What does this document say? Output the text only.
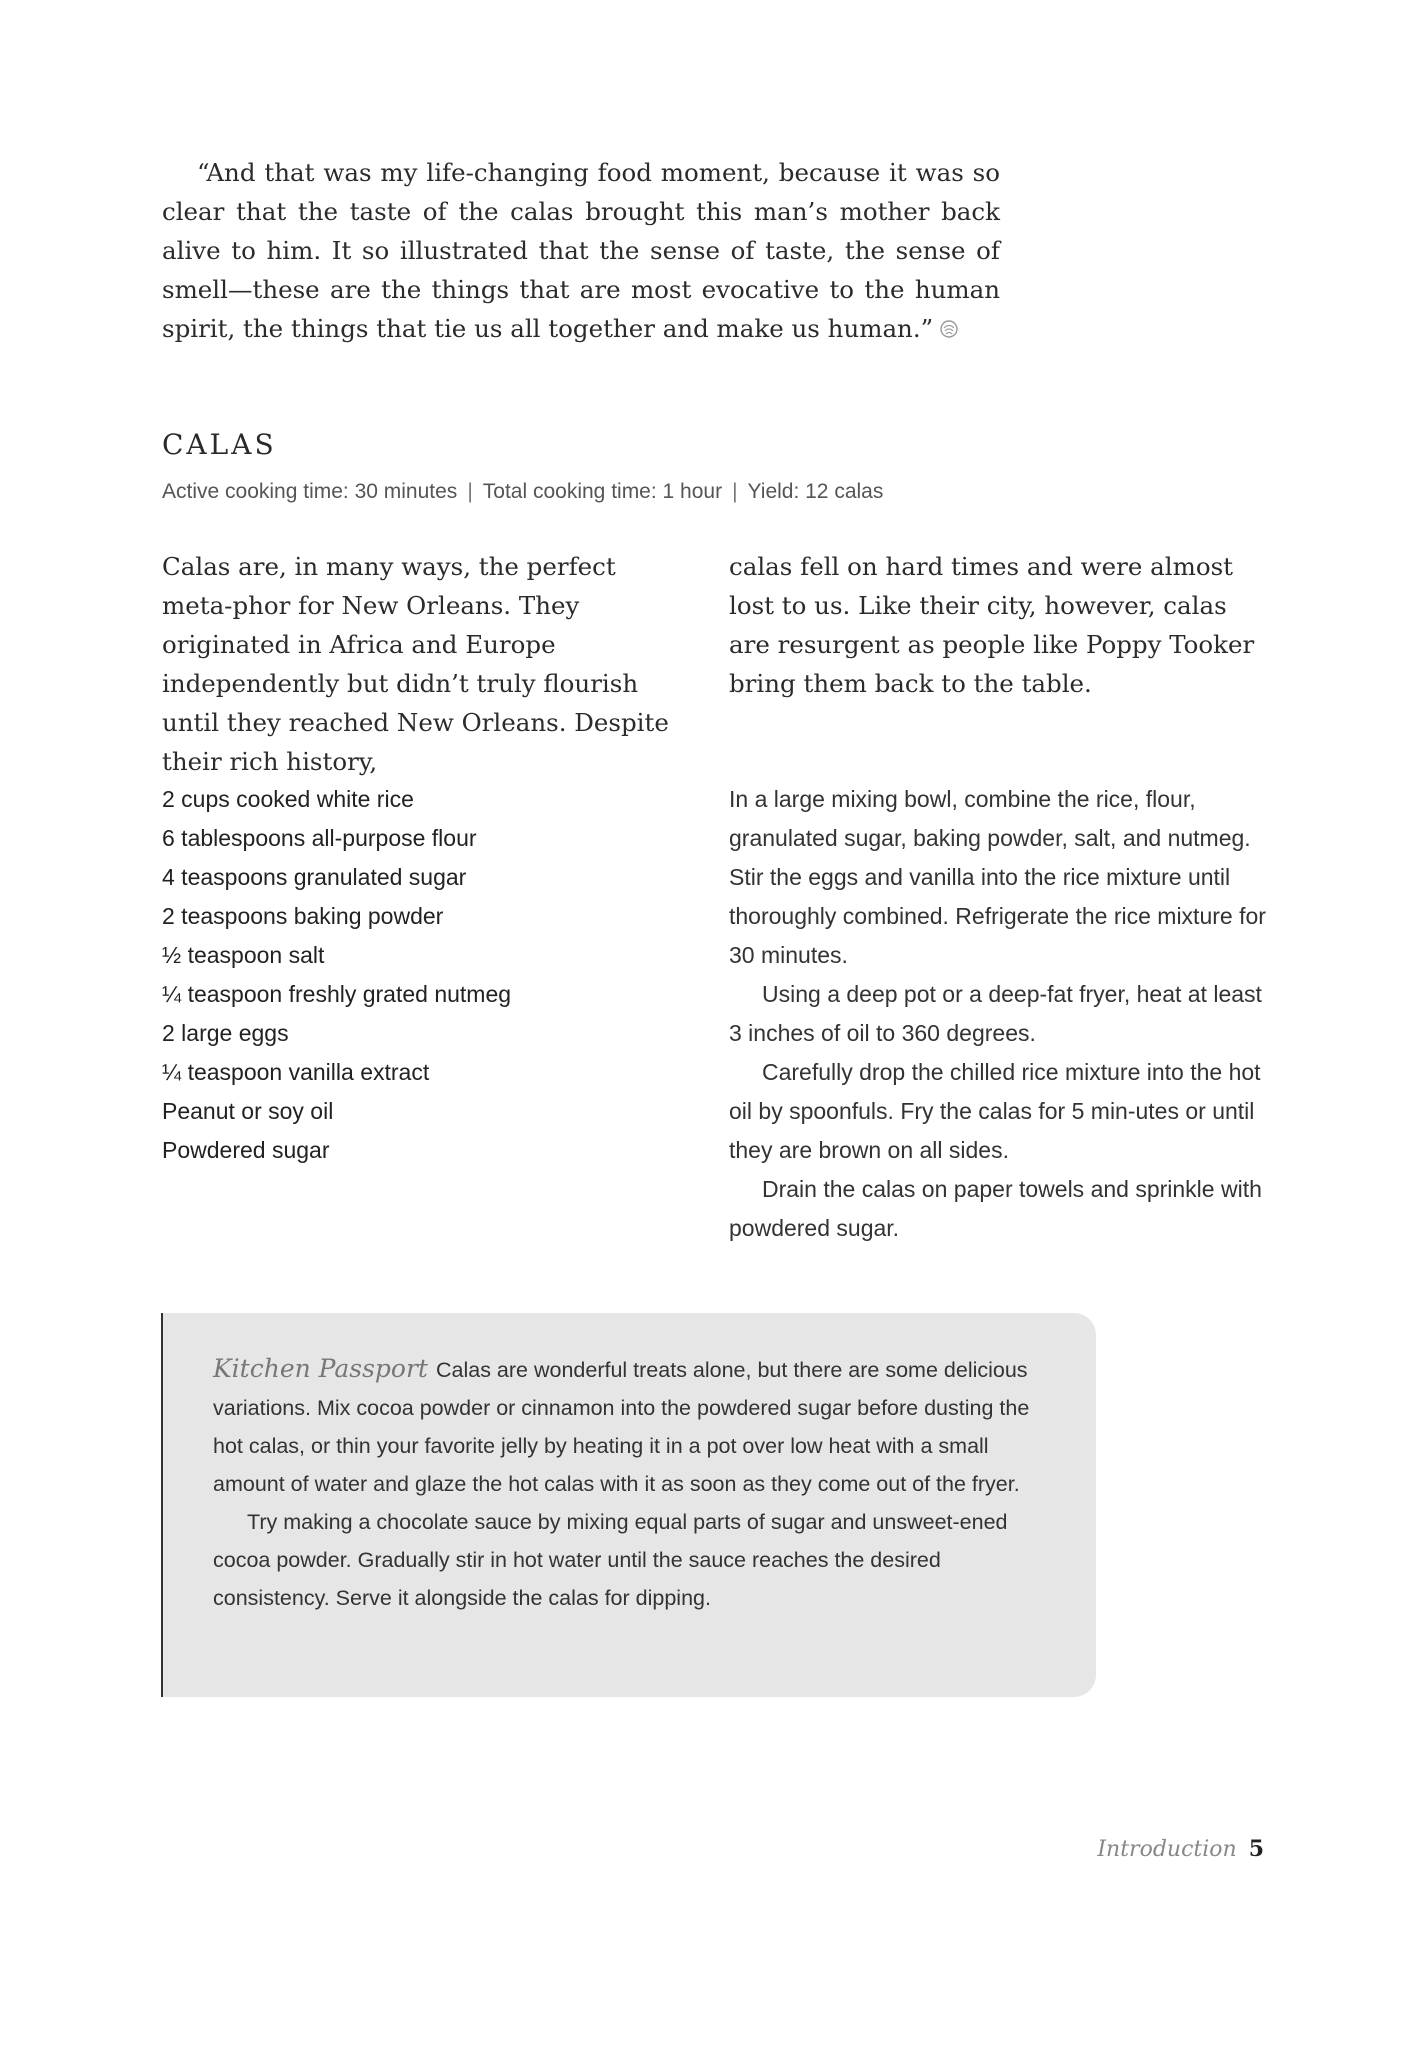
“And that was my life-changing food moment, because it was so clear that the taste of the calas brought this man’s mother back alive to him. It so illustrated that the sense of taste, the sense of smell—these are the things that are most evocative to the human spirit, the things that tie us all together and make us human.”

CALAS
Active cooking time: 30 minutes | Total cooking time: 1 hour | Yield: 12 calas

Calas are, in many ways, the perfect meta-phor for New Orleans. They originated in Africa and Europe independently but didn’t truly flourish until they reached New Orleans. Despite their rich history,

calas fell on hard times and were almost lost to us. Like their city, however, calas are resurgent as people like Poppy Tooker bring them back to the table.

2 cups cooked white rice
6 tablespoons all-purpose flour
4 teaspoons granulated sugar
2 teaspoons baking powder
½ teaspoon salt
¼ teaspoon freshly grated nutmeg
2 large eggs
¼ teaspoon vanilla extract
Peanut or soy oil
Powdered sugar

In a large mixing bowl, combine the rice, flour, granulated sugar, baking powder, salt, and nutmeg. Stir the eggs and vanilla into the rice mixture until thoroughly combined. Refrigerate the rice mixture for 30 minutes.

Using a deep pot or a deep-fat fryer, heat at least 3 inches of oil to 360 degrees.

Carefully drop the chilled rice mixture into the hot oil by spoonfuls. Fry the calas for 5 min-utes or until they are brown on all sides.

Drain the calas on paper towels and sprinkle with powdered sugar.

Kitchen Passport Calas are wonderful treats alone, but there are some delicious variations. Mix cocoa powder or cinnamon into the powdered sugar before dusting the hot calas, or thin your favorite jelly by heating it in a pot over low heat with a small amount of water and glaze the hot calas with it as soon as they come out of the fryer.

Try making a chocolate sauce by mixing equal parts of sugar and unsweet-ened cocoa powder. Gradually stir in hot water until the sauce reaches the desired consistency. Serve it alongside the calas for dipping.

Introduction 5
